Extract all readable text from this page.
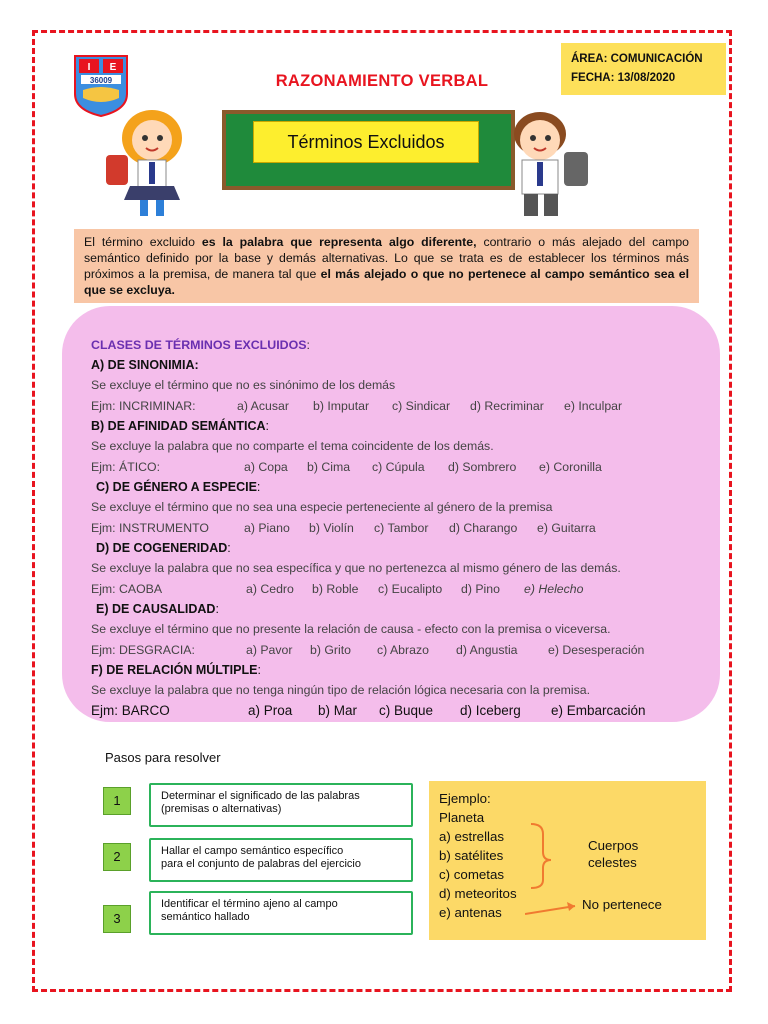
I E
36009	RAZONAMIENTO VERBAL
ÁREA: COMUNICACIÓN
FECHA: 13/08/2020
Términos Excluidos
El término excluido es la palabra que representa algo diferente, contrario o más alejado del campo semántico definido por la base y demás alternativas. Lo que se trata es de establecer los términos más próximos a la premisa, de manera tal que el más alejado o que no pertenece al campo semántico sea el que se excluya.
CLASES DE TÉRMINOS EXCLUIDOS:
A) DE SINONIMIA:
Se excluye el término que no es sinónimo de los demás
Ejm: INCRIMINAR:	a) Acusar b) Imputar c) Sindicar d) Recriminar e) Inculpar
B) DE AFINIDAD SEMÁNTICA:
Se excluye la palabra que no comparte el tema coincidente de los demás.
Ejm: ÁTICO:	a) Copa b) Cima c) Cúpula d) Sombrero e) Coronilla
C) DE GÉNERO A ESPECIE:
Se excluye el término que no sea una especie perteneciente al género de la premisa
Ejm: INSTRUMENTO	a) Piano b) Violín c) Tambor d) Charango e) Guitarra
D) DE COGENERIDAD:
Se excluye la palabra que no sea específica y que no pertenezca al mismo género de las demás.
Ejm: CAOBA	a) Cedro b) Roble c) Eucalipto d) Pino e) Helecho
E) DE CAUSALIDAD:
Se excluye el término que no presente la relación de causa - efecto con la premisa o viceversa.
Ejm: DESGRACIA:	a) Pavor b) Grito c) Abrazo d) Angustia e) Desesperación
F) DE RELACIÓN MÚLTIPLE:
Se excluye la palabra que no tenga ningún tipo de relación lógica necesaria con la premisa.
Ejm: BARCO	a) Proa b) Mar c) Buque d) Iceberg e) Embarcación
Pasos para resolver
1	Determinar el significado de las palabras
(premisas o alternativas)
2	Hallar el campo semántico específico
para el conjunto de palabras del ejercicio
3
Identificar el término ajeno al campo
semántico hallado
Ejemplo:
Planeta
a) estrellas
b) satélites
c) cometas
d) meteoritos
e) antenas
Cuerpos
celestes
No pertenece
